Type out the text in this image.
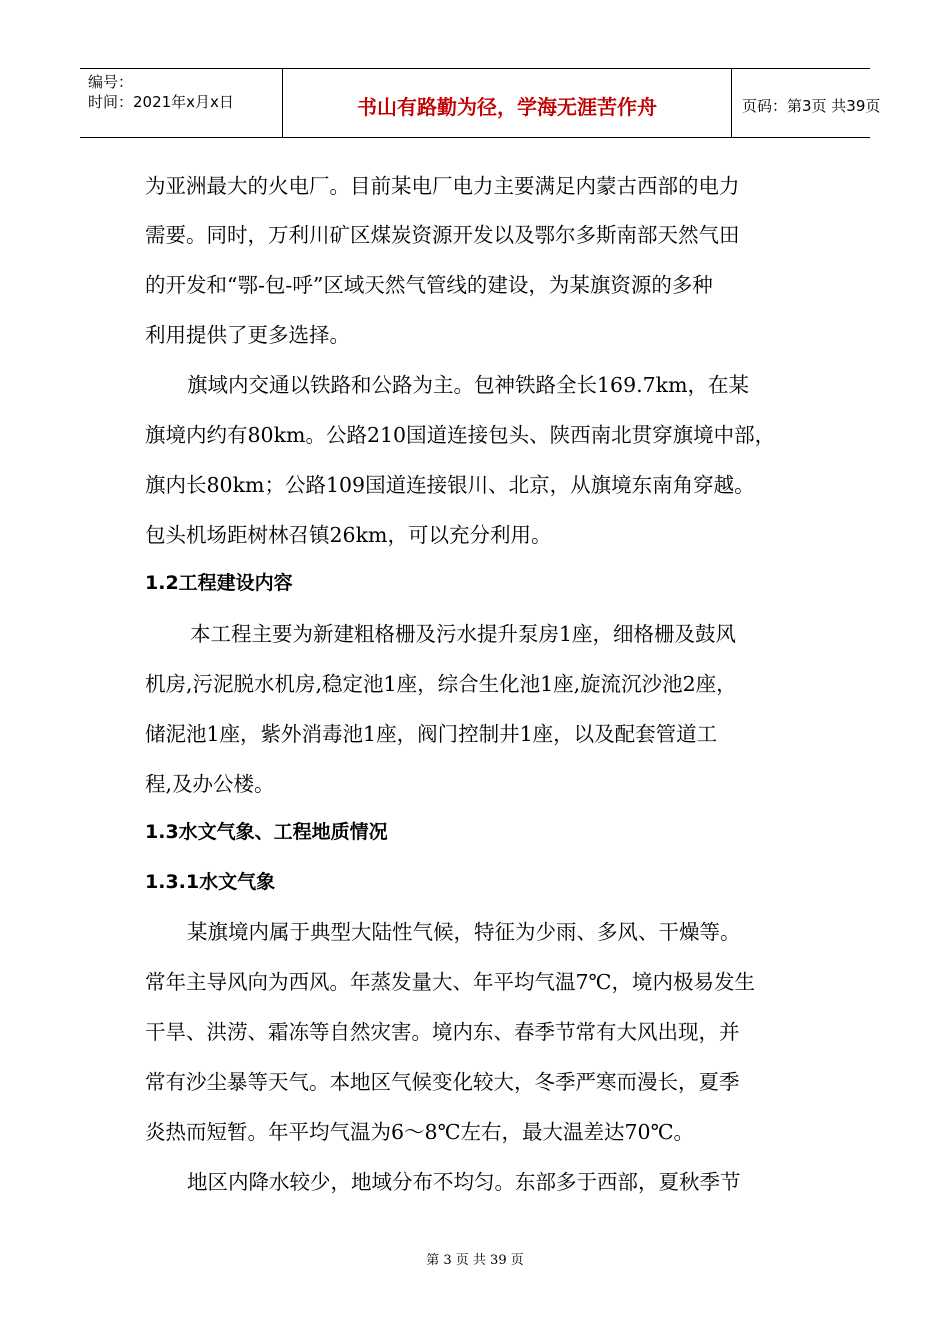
编号：
时间：2021年x月x日	书山有路勤为径，学海无涯苦作舟	页码：第3页 共39页
为亚洲最大的火电厂。目前某电厂电力主要满足内蒙古西部的电力
需要。同时，万利川矿区煤炭资源开发以及鄂尔多斯南部天然气田
的开发和“鄂-包-呼”区域天然气管线的建设，为某旗资源的多种
利用提供了更多选择。
旗域内交通以铁路和公路为主。包神铁路全长169.7km，在某
旗境内约有80km。公路210国道连接包头、陕西南北贯穿旗境中部，
旗内长80km；公路109国道连接银川、北京，从旗境东南角穿越。
包头机场距树林召镇26km，可以充分利用。
1.2工程建设内容
本工程主要为新建粗格栅及污水提升泵房1座，细格栅及鼓风
机房,污泥脱水机房,稳定池1座，综合生化池1座,旋流沉沙池2座，
储泥池1座，紫外消毒池1座，阀门控制井1座，以及配套管道工
程,及办公楼。
1.3水文气象、工程地质情况
1.3.1水文气象
某旗境内属于典型大陆性气候，特征为少雨、多风、干燥等。
常年主导风向为西风。年蒸发量大、年平均气温7℃，境内极易发生
干旱、洪涝、霜冻等自然灾害。境内东、春季节常有大风出现，并
常有沙尘暴等天气。本地区气候变化较大，冬季严寒而漫长，夏季
炎热而短暂。年平均气温为6～8℃左右，最大温差达70℃。
地区内降水较少，地域分布不均匀。东部多于西部，夏秋季节
第 3 页 共 39 页
